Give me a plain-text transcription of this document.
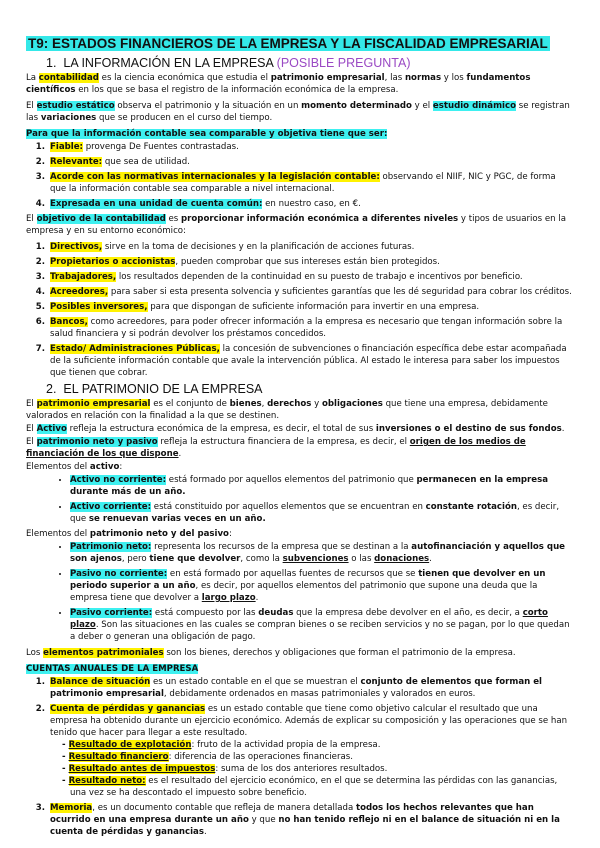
T9: ESTADOS FINANCIEROS DE LA EMPRESA Y LA FISCALIDAD EMPRESARIAL
1. LA INFORMACIÓN EN LA EMPRESA (POSIBLE PREGUNTA)

La contabilidad es la ciencia económica que estudia el patrimonio empresarial, las normas y los fundamentos científicos en los que se basa el registro de la información económica de la empresa.

El estudio estático observa el patrimonio y la situación en un momento determinado y el estudio dinámico se registran las variaciones que se producen en el curso del tiempo.

Para que la información contable sea comparable y objetiva tiene que ser:
1. Fiable: provenga De Fuentes contrastadas.
2. Relevante: que sea de utilidad.
3. Acorde con las normativas internacionales y la legislación contable: observando el NIIF, NIC y PGC, de forma que la información contable sea comparable a nivel internacional.
4. Expresada en una unidad de cuenta común: en nuestro caso, en €.

El objetivo de la contabilidad es proporcionar información económica a diferentes niveles y tipos de usuarios en la empresa y en su entorno económico:

1. Directivos, sirve en la toma de decisiones y en la planificación de acciones futuras.
2. Propietarios o accionistas, pueden comprobar que sus intereses están bien protegidos.
3. Trabajadores, los resultados dependen de la continuidad en su puesto de trabajo e incentivos por beneficio.
4. Acreedores, para saber si esta presenta solvencia y suficientes garantías que les dé seguridad para cobrar los créditos.
5. Posibles inversores, para que dispongan de suficiente información para invertir en una empresa.
6. Bancos, como acreedores, para poder ofrecer información a la empresa es necesario que tengan información sobre la salud financiera y si podrán devolver los préstamos concedidos.
7. Estado/ Administraciones Públicas, la concesión de subvenciones o financiación específica debe estar acompañada de la suficiente información contable que avale la intervención pública. Al estado le interesa para saber los impuestos que tienen que cobrar.
2. EL PATRIMONIO DE LA EMPRESA

El patrimonio empresarial es el conjunto de bienes, derechos y obligaciones que tiene una empresa, debidamente valorados en relación con la finalidad a la que se destinen.

El Activo refleja la estructura económica de la empresa, es decir, el total de sus inversiones o el destino de sus fondos.

El patrimonio neto y pasivo refleja la estructura financiera de la empresa, es decir, el origen de los medios de financiación de los que dispone.

Elementos del activo:
• Activo no corriente: está formado por aquellos elementos del patrimonio que permanecen en la empresa durante más de un año.
• Activo corriente: está constituido por aquellos elementos que se encuentran en constante rotación, es decir, que se renuevan varias veces en un año.
Elementos del patrimonio neto y del pasivo:
• Patrimonio neto: representa los recursos de la empresa que se destinan a la autofinanciación y aquellos que son ajenos, pero tiene que devolver, como la subvenciones o las donaciones.
• Pasivo no corriente: en está formado por aquellas fuentes de recursos que se tienen que devolver en un periodo superior a un año, es decir, por aquellos elementos del patrimonio que supone una deuda que la empresa tiene que devolver a largo plazo.
• Pasivo corriente: está compuesto por las deudas que la empresa debe devolver en el año, es decir, a corto plazo. Son las situaciones en las cuales se compran bienes o se reciben servicios y no se pagan, por lo que quedan a deber o generan una obligación de pago.

Los elementos patrimoniales son los bienes, derechos y obligaciones que forman el patrimonio de la empresa.

CUENTAS ANUALES DE LA EMPRESA
1. Balance de situación es un estado contable en el que se muestran el conjunto de elementos que forman el patrimonio empresarial, debidamente ordenados en masas patrimoniales y valorados en euros.
2. Cuenta de pérdidas y ganancias es un estado contable que tiene como objetivo calcular el resultado que una empresa ha obtenido durante un ejercicio económico. Además de explicar su composición y las operaciones que se han tenido que hacer para llegar a este resultado.
- Resultado de explotación: fruto de la actividad propia de la empresa.
- Resultado financiero: diferencia de las operaciones financieras.
- Resultado antes de impuestos: suma de los dos anteriores resultados.
- Resultado neto: es el resultado del ejercicio económico, en el que se determina las pérdidas con las ganancias, una vez se ha descontado el impuesto sobre beneficio.
3. Memoria, es un documento contable que refleja de manera detallada todos los hechos relevantes que han ocurrido en una empresa durante un año y que no han tenido reflejo ni en el balance de situación ni en la cuenta de pérdidas y ganancias.
